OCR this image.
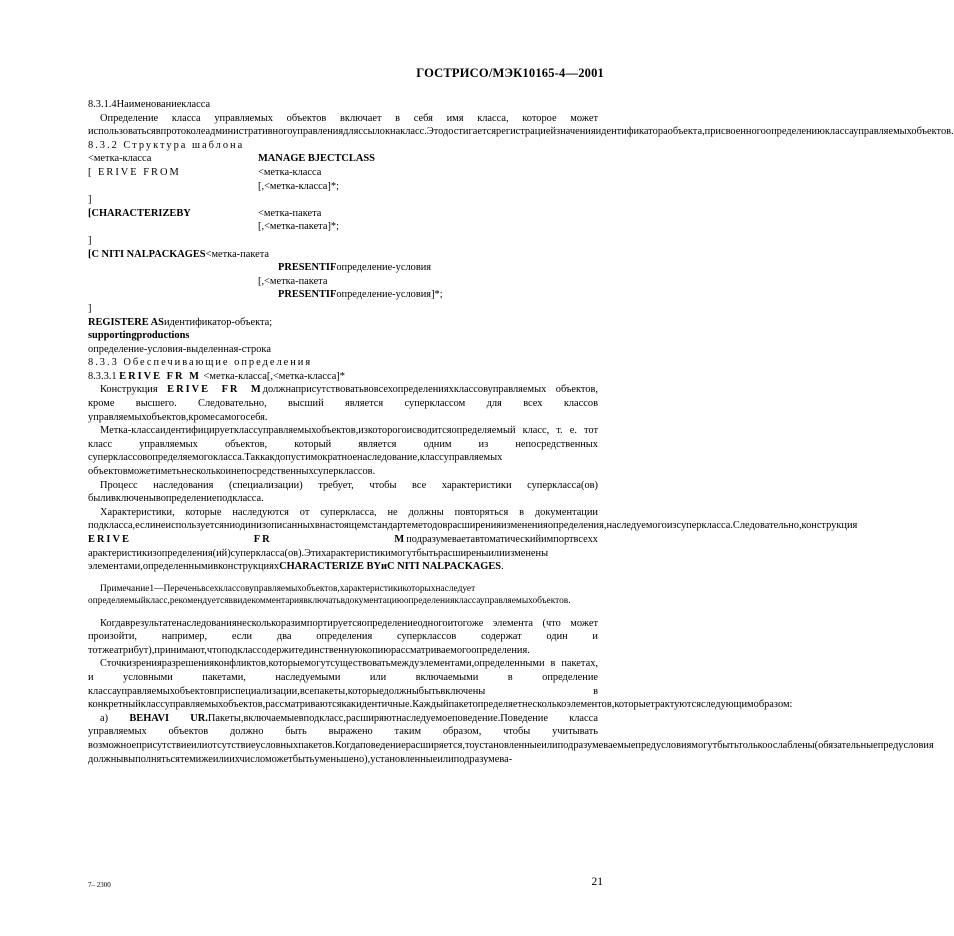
ГОСТРИСО/МЭК10165-4—2001

8.3.1.4Наименованиекласса

Определение класса управляемых объектов включает в себя имя класса, которое может использоватьсявпротоколеадминистративногоуправлениядляссылокнакласс.Этодостигаетсярегистрациейзначенияидентификатораобъекта,присвоенногоопределениюклассауправляемыхобъектов.

8.3.2 Структура шаблона

<метка-класса	MANAGE BJECTCLASS
[ ERIVE FROM	<метка-класса
[,<метка-класса]*;
]
[CHARACTERIZEBY	<метка-пакета
[,<метка-пакета]*;
]
[C NITI NALPACKAGES <метка-пакета
PRESENTIF определение-условия
[,<метка-пакета
PRESENTIF определение-условия]*;
]
REGISTERE AS идентификатор-объекта;
supportingproductions
определение-условия-выделенная-строка

8.3.3 Обеспечивающие определения

8.3.3.1 ERIVE FR M <метка-класса[,<метка-класса]*

Конструкция ERIVE FR Mдолжнаприсутствоватьвовсехопределенияхклассовуправляемых объектов, кроме высшего. Следовательно, высший является суперклассом для всех классов управляемыхобъектов,кромесамогосебя.

Метка-классаидентифицируетклассуправляемыхобъектов,изкоторогоисводитсяопределяемый класс, т. е. тот класс управляемых объектов, который является одним из непосредственных суперклассовопределяемогокласса.Таккакдопустимократноенаследование,классуправляемых объектовможетиметьнесколькоинепосредственныхсуперклассов.

Процесс наследования (специализации) требует, чтобы все характеристики суперкласса(ов) быливключенывопределениеподкласса.

Характеристики, которые наследуются от суперкласса, не должны повторяться в документации подкласса,еслинеиспользуетсяниодинизописанныхвнастоящемстандартеметодоврасширенияизмененияопределения,наследуемогоизсуперкласса.Следовательно,конструкция ERIVE FR Mподразумеваетавтоматическийимпортвсехх​арактеристикизопределения(ий)суперкласса(ов).Этихарактеристикимогутбытьрасширеныилиизменены элементами,определеннымивконструкцияхCHARACTERIZE BYиC NITI NALPACKAGES.

Примечание1—Переченьвсехклассовуправляемыхобъектов,характеристикикоторыхнаследует определяемыйкласс,рекомендуетсяввидекомментариявключатьвдокументациюопределенияклассауправляемыхобъектов.

Когдаврезультатенаследованиянесколькоразимпортируетсяопределениеодногоитогоже элемента (что может произойти, например, если два определения суперклассов содержат один и тотжеатрибут),принимают,чтоподклассодержитединственнуюкопиюрассматриваемогоопределения.

Сточкизренияразрешенияконфликтов,которыемогутсуществоватьмеждуэлементами,определенными в пакетах, и условными пакетами, наследуемыми или включаемыми в определение классауправляемыхобъектовприспециализации,всепакеты,которыедолжныбытьвключены в конкретныйклассуправляемыхобъектов,рассматриваютсякакидентичные.Каждыйпакетопределяетнесколькоэлементов,которыетрактуютсяследующимобразом:

а) BEHAVI UR.Пакеты,включаемыевподкласс,расширяютнаследуемоеповедение.Поведение класса управляемых объектов должно быть выражено таким образом, чтобы учитывать возможноеприсутствиеилиотсутствиеусловныхпакетов.Когдаповедениерасширяется,тоустановленныеилиподразумеваемыепредусловиямогутбытьтолькоослаблены(обязательныепредусловия должнывыполнятьсятемижеилиихчисломожетбытьуменьшено),установленныеилиподразумева-

7– 2300	21
